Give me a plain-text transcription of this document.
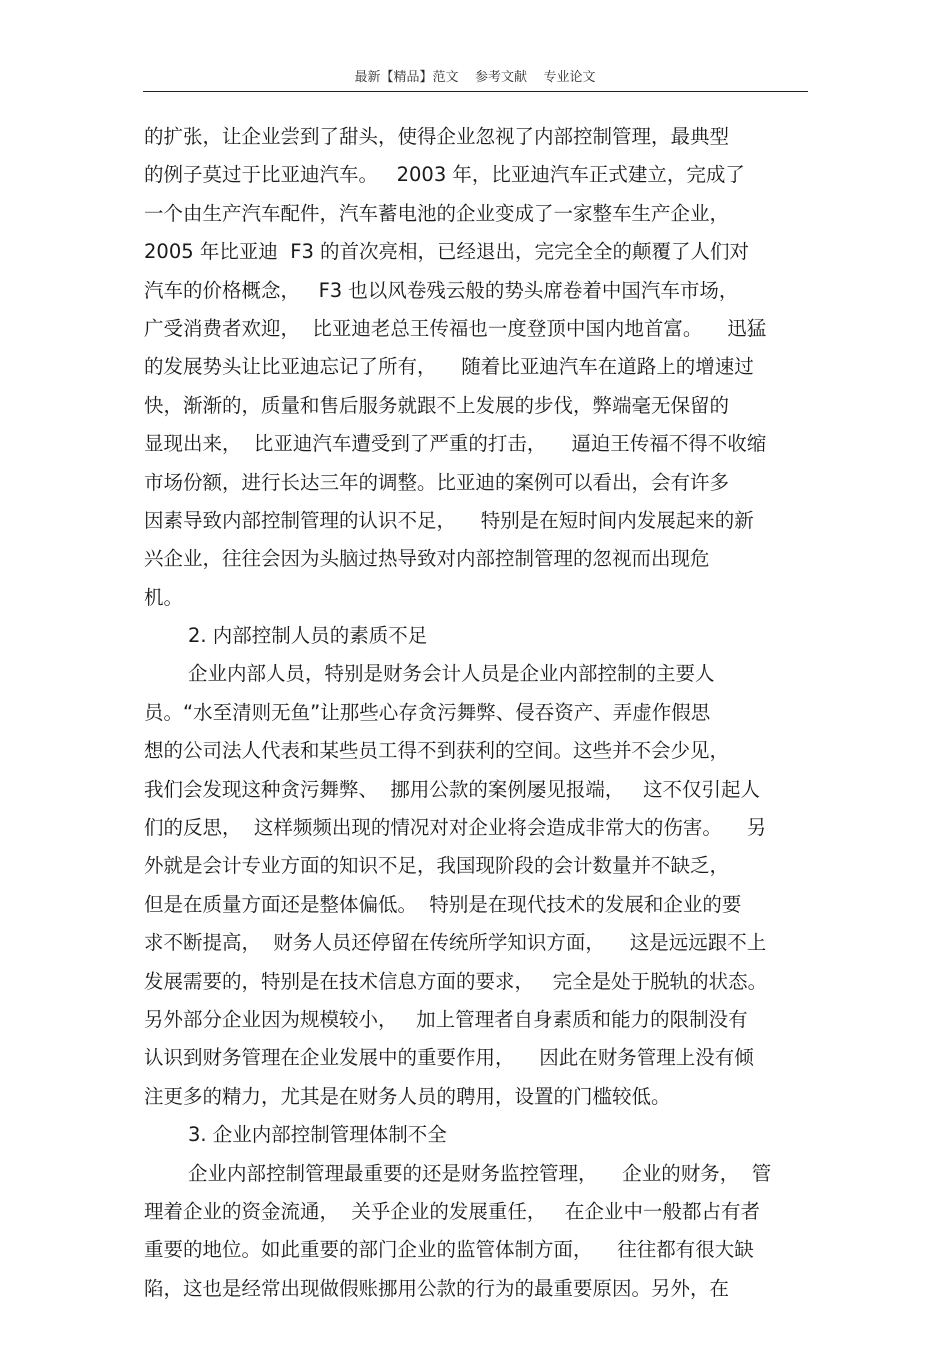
最新【精品】范文    参考文献    专业论文
的扩张，让企业尝到了甜头，使得企业忽视了内部控制管理，最典型
的例子莫过于比亚迪汽车。   2003 年，比亚迪汽车正式建立，完成了
一个由生产汽车配件，汽车蓄电池的企业变成了一家整车生产企业，
2005 年比亚迪  F3 的首次亮相，已经退出，完完全全的颠覆了人们对
汽车的价格概念，   F3 也以风卷残云般的势头席卷着中国汽车市场，
广受消费者欢迎，  比亚迪老总王传福也一度登顶中国内地首富。    迅猛
的发展势头让比亚迪忘记了所有，    随着比亚迪汽车在道路上的增速过
快，渐渐的，质量和售后服务就跟不上发展的步伐，弊端毫无保留的
显现出来，  比亚迪汽车遭受到了严重的打击，    逼迫王传福不得不收缩
市场份额，进行长达三年的调整。比亚迪的案例可以看出，会有许多
因素导致内部控制管理的认识不足，    特别是在短时间内发展起来的新
兴企业，往往会因为头脑过热导致对内部控制管理的忽视而出现危
机。
2. 内部控制人员的素质不足
企业内部人员，特别是财务会计人员是企业内部控制的主要人
员。“水至清则无鱼”让那些心存贪污舞弊、侵吞资产、弄虚作假思
想的公司法人代表和某些员工得不到获利的空间。这些并不会少见，
我们会发现这种贪污舞弊、  挪用公款的案例屡见报端，   这不仅引起人
们的反思，  这样频频出现的情况对对企业将会造成非常大的伤害。    另
外就是会计专业方面的知识不足，我国现阶段的会计数量并不缺乏，
但是在质量方面还是整体偏低。  特别是在现代技术的发展和企业的要
求不断提高，  财务人员还停留在传统所学知识方面，    这是远远跟不上
发展需要的，特别是在技术信息方面的要求，   完全是处于脱轨的状态。
另外部分企业因为规模较小，   加上管理者自身素质和能力的限制没有
认识到财务管理在企业发展中的重要作用，    因此在财务管理上没有倾
注更多的精力，尤其是在财务人员的聘用，设置的门槛较低。
3. 企业内部控制管理体制不全
企业内部控制管理最重要的还是财务监控管理，    企业的财务，  管
理着企业的资金流通，  关乎企业的发展重任，   在企业中一般都占有者
重要的地位。如此重要的部门企业的监管体制方面，    往往都有很大缺
陷，这也是经常出现做假账挪用公款的行为的最重要原因。另外，在
